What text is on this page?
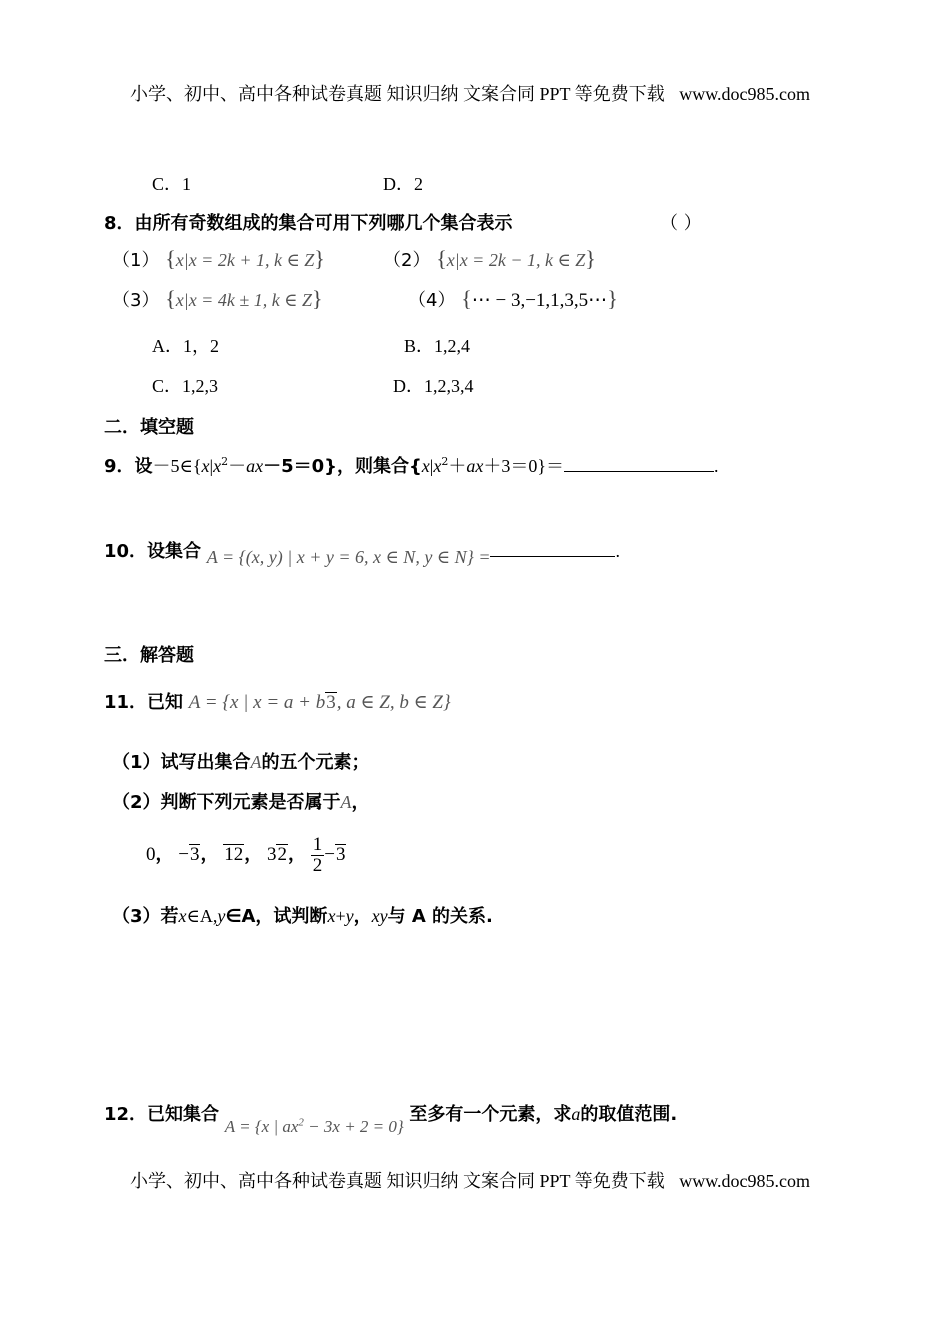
小学、初中、高中各种试卷真题 知识归纳 文案合同 PPT 等免费下载 www.doc985.com
C．1	D．2
8．由所有奇数组成的集合可用下列哪几个集合表示	（ ）
（1） {x|x = 2k + 1, k ∈ Z}	（2） {x|x = 2k − 1, k ∈ Z}
（3） {x|x = 4k ± 1, k ∈ Z}	（4） {⋯ − 3,−1,1,3,5⋯}
A．1，2	B．1,2,4
C．1,2,3	D．1,2,3,4
二．填空题
9．设$-5\in\{x|x^2-ax-5=0\}$，则集合$\{x|x^2+ax+3=0\}=$	.
10．设集合 A = {(x, y) | x + y = 6, x ∈ N, y ∈ N} =	.
三．解答题
11．已知 A = {x | x = a + b3, a ∈ Z, b ∈ Z}
（1）试写出集合A的五个元素；
（2）判断下列元素是否属于A，
0， −3， 12， 32， $\frac{1}{2} -3$
（3）若x∈A,y∈A，试判断x+y，xy与 A 的关系.
12．已知集合 A = {x | $ax^2 - 3x + 2 = 0$} 至多有一个元素，求a的取值范围.
小学、初中、高中各种试卷真题 知识归纳 文案合同 PPT 等免费下载 www.doc985.com
